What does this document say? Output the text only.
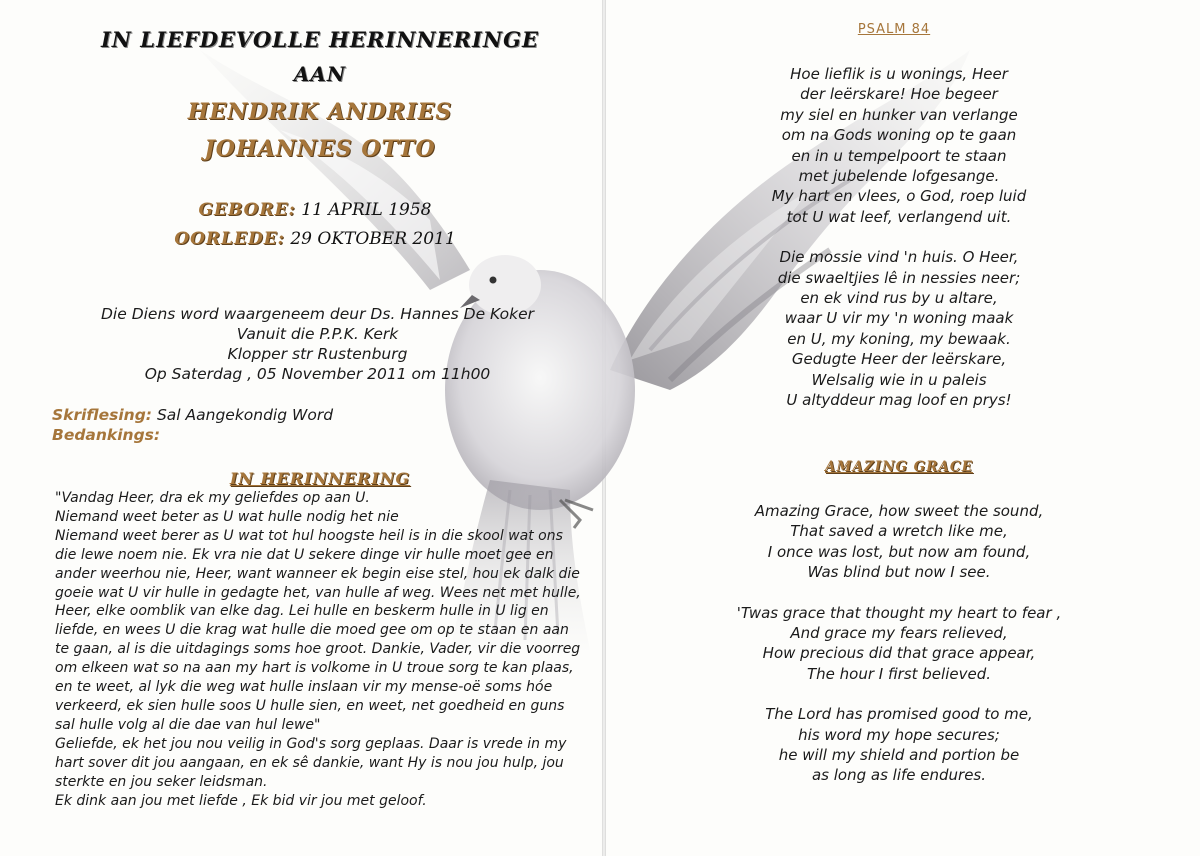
IN LIEFDEVOLLE HERINNERINGE
AAN
HENDRIK ANDRIES
JOHANNES OTTO
GEBORE: 11 APRIL 1958
OORLEDE: 29 OKTOBER 2011
Die Diens word waargeneem deur Ds. Hannes De Koker
Vanuit die P.P.K. Kerk
Klopper str Rustenburg
Op Saterdag , 05 November 2011 om 11h00
Skriflesing: Sal Aangekondig Word
Bedankings:
IN HERINNERING
"Vandag Heer, dra ek my geliefdes op aan U.
Niemand weet beter as U wat hulle nodig het nie
Niemand weet berer as U wat tot hul hoogste heil is in die skool wat ons
die lewe noem nie. Ek vra nie dat U sekere dinge vir hulle moet gee en
ander weerhou nie, Heer, want wanneer ek begin eise stel, hou ek dalk die
goeie wat U vir hulle in gedagte het, van hulle af weg. Wees net met hulle,
Heer, elke oomblik van elke dag. Lei hulle en beskerm hulle in U lig en
liefde, en wees U die krag wat hulle die moed gee om op te staan en aan
te gaan, al is die uitdagings soms hoe groot. Dankie, Vader, vir die voorreg
om elkeen wat so na aan my hart is volkome in U troue sorg te kan plaas,
en te weet, al lyk die weg wat hulle inslaan vir my mense-oë soms hóe
verkeerd, ek sien hulle soos U hulle sien, en weet, net goedheid en guns
sal hulle volg al die dae van hul lewe"
Geliefde, ek het jou nou veilig in God's sorg geplaas. Daar is vrede in my
hart sover dit jou aangaan, en ek sê dankie, want Hy is nou jou hulp, jou
sterkte en jou seker leidsman.
Ek dink aan jou met liefde , Ek bid vir jou met geloof.
PSALM 84
Hoe lieflik is u wonings, Heer
der leërskare! Hoe begeer
my siel en hunker van verlange
om na Gods woning op te gaan
en in u tempelpoort te staan
met jubelende lofgesange.
My hart en vlees, o God, roep luid
tot U wat leef, verlangend uit.
Die mossie vind 'n huis. O Heer,
die swaeltjies lê in nessies neer;
en ek vind rus by u altare,
waar U vir my 'n woning maak
en U, my koning, my bewaak.
Gedugte Heer der leërskare,
Welsalig wie in u paleis
U altyddeur mag loof en prys!
AMAZING GRACE
Amazing Grace, how sweet the sound,
That saved a wretch like me,
I once was lost, but now am found,
Was blind but now I see.
'Twas grace that thought my heart to fear ,
And grace my fears relieved,
How precious did that grace appear,
The hour I first believed.
The Lord has promised good to me,
his word my hope secures;
he will my shield and portion be
as long as life endures.
